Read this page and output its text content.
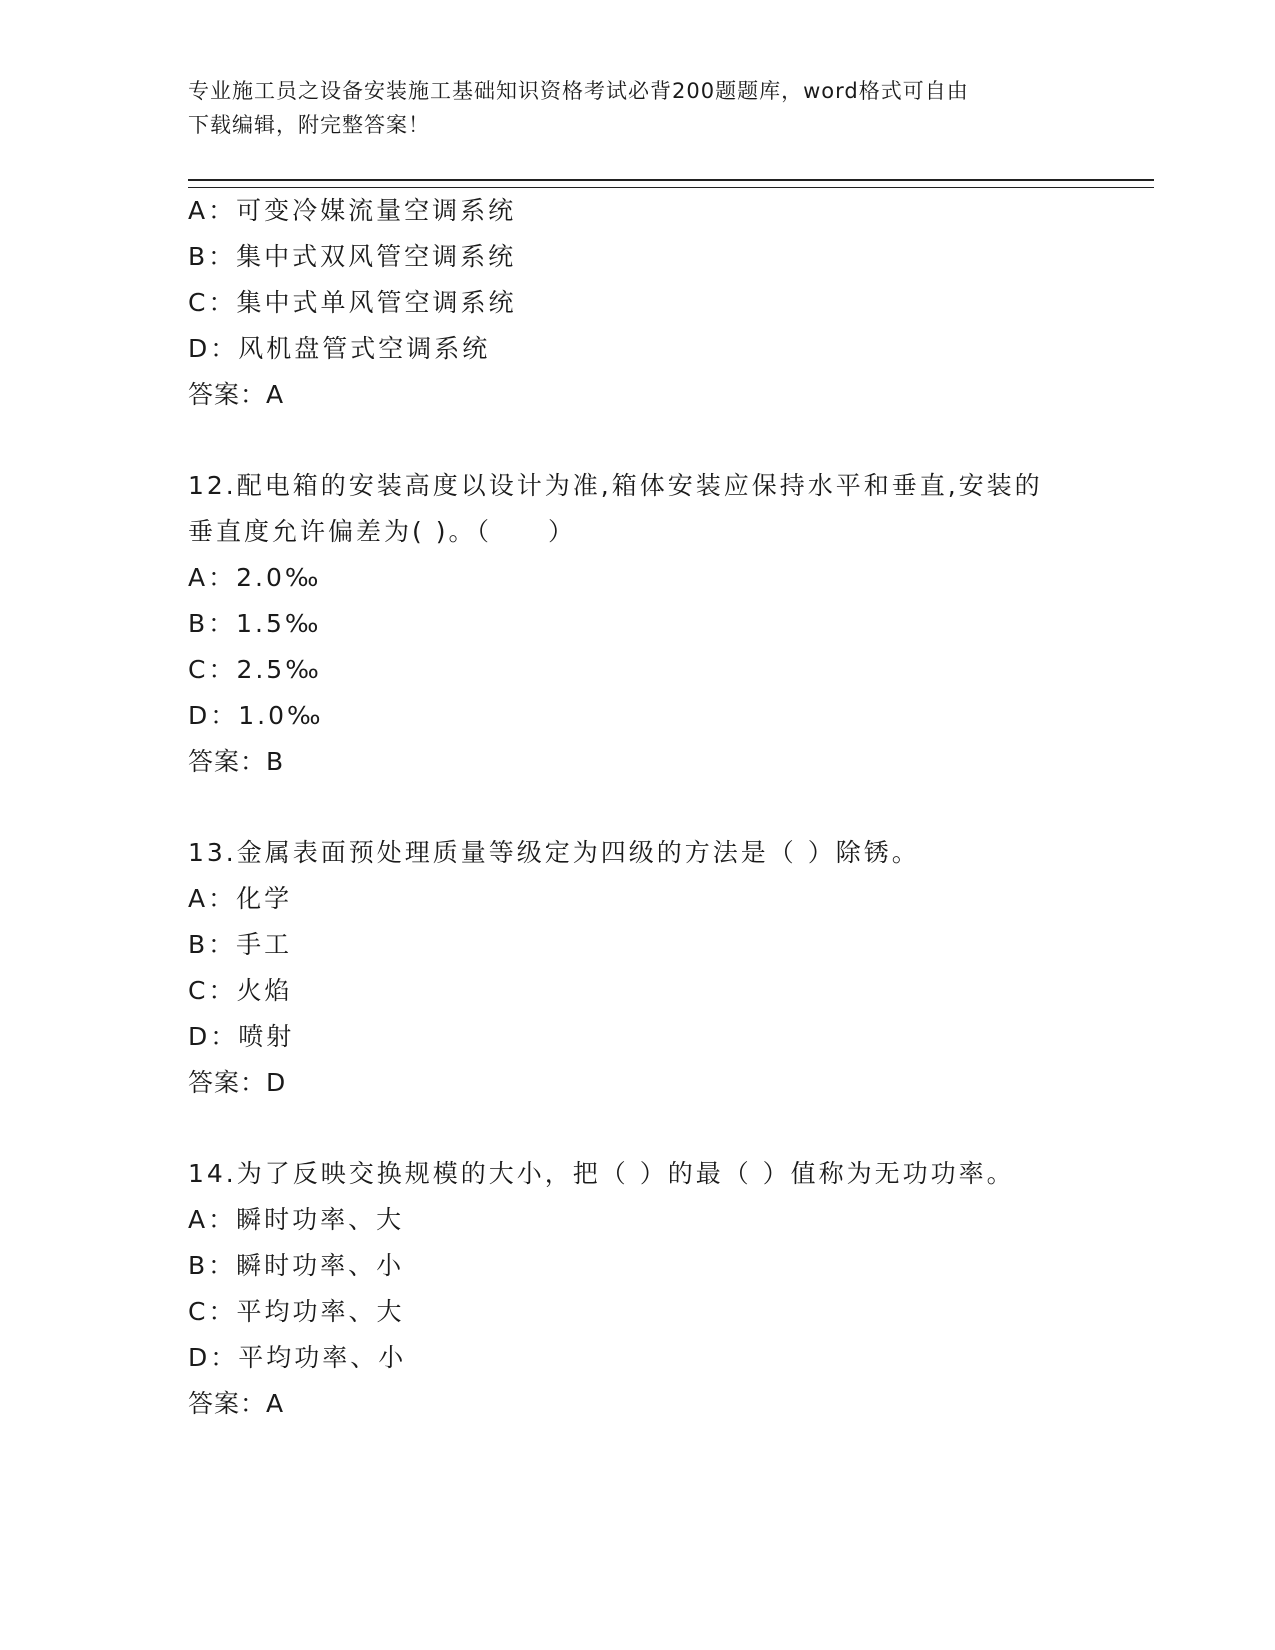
专业施工员之设备安装施工基础知识资格考试必背200题题库，word格式可自由
下载编辑，附完整答案！
A：可变冷媒流量空调系统
B：集中式双风管空调系统
C：集中式单风管空调系统
D：风机盘管式空调系统
答案：A
12.配电箱的安装高度以设计为准,箱体安装应保持水平和垂直,安装的
垂直度允许偏差为( )。（　　）
A：2.0‰
B：1.5‰
C：2.5‰
D：1.0‰
答案：B
13.金属表面预处理质量等级定为四级的方法是（ ）除锈。
A：化学
B：手工
C：火焰
D：喷射
答案：D
14.为了反映交换规模的大小，把（ ）的最（ ）值称为无功功率。
A：瞬时功率、大
B：瞬时功率、小
C：平均功率、大
D：平均功率、小
答案：A
